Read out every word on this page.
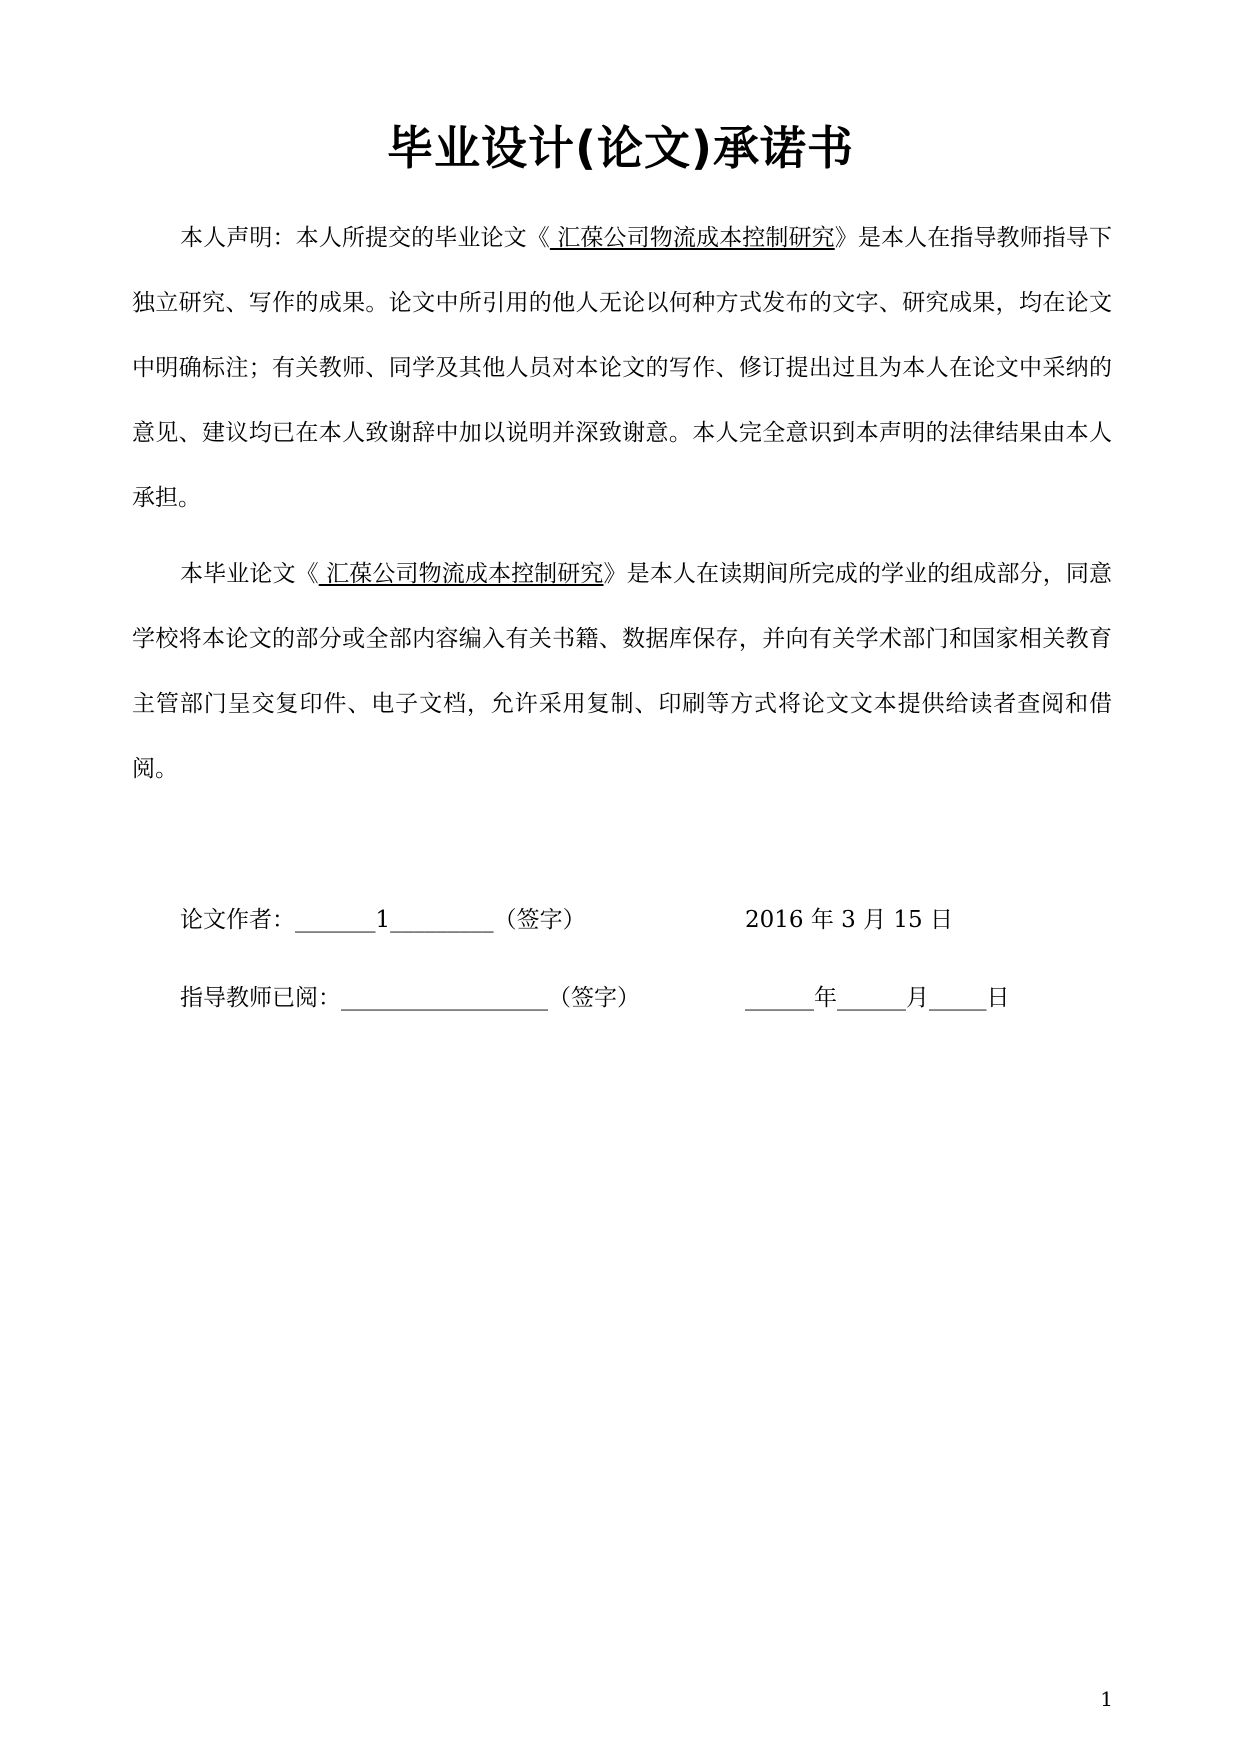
毕业设计(论文)承诺书

本人声明：本人所提交的毕业论文《 汇葆公司物流成本控制研究》是本人在指导教师指导下独立研究、写作的成果。论文中所引用的他人无论以何种方式发布的文字、研究成果，均在论文中明确标注；有关教师、同学及其他人员对本论文的写作、修订提出过且为本人在论文中采纳的意见、建议均已在本人致谢辞中加以说明并深致谢意。本人完全意识到本声明的法律结果由本人承担。

本毕业论文《 汇葆公司物流成本控制研究》是本人在读期间所完成的学业的组成部分，同意学校将本论文的部分或全部内容编入有关书籍、数据库保存，并向有关学术部门和国家相关教育主管部门呈交复印件、电子文档，允许采用复制、印刷等方式将论文文本提供给读者查阅和借阅。

论文作者：_______1_________（签字）	2016 年 3 月 15 日
指导教师已阅：__________________（签字）	______年______月_____日
1
